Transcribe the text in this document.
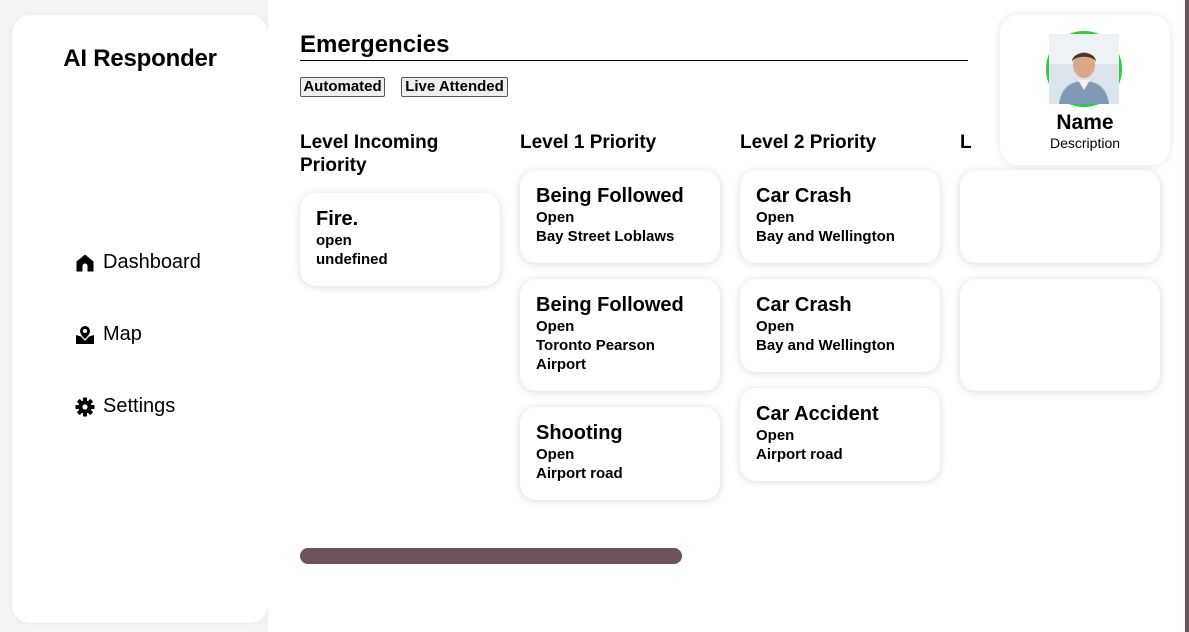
AI Responder
Dashboard
Map
Settings
Emergencies
Automated Live Attended
Level Incoming Priority
Fire.
open
undefined
Level 1 Priority
Being Followed
Open
Bay Street Loblaws
Being Followed
Open
Toronto Pearson Airport
Shooting
Open
Airport road
Level 2 Priority
Car Crash
Open
Bay and Wellington
Car Crash
Open
Bay and Wellington
Car Accident
Open
Airport road
L
Name
Description
